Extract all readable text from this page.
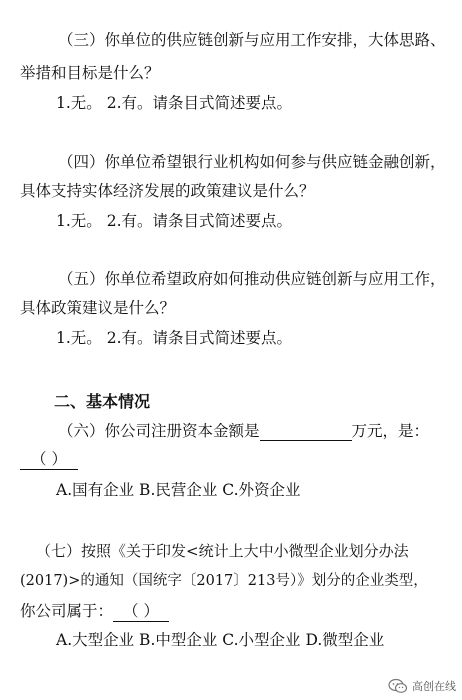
（三）你单位的供应链创新与应用工作安排，大体思路、
举措和目标是什么？
1.无。 2.有。请条目式简述要点。
（四）你单位希望银行业机构如何参与供应链金融创新，
具体支持实体经济发展的政策建议是什么？
1.无。 2.有。请条目式简述要点。
（五）你单位希望政府如何推动供应链创新与应用工作，
具体政策建议是什么？
1.无。 2.有。请条目式简述要点。
二、基本情况
（六）你公司注册资本金额是	万元，是：
（ ）
A.国有企业 B.民营企业 C.外资企业
（七）按照《关于印发<统计上大中小微型企业划分办法
(2017)>的通知（国统字〔2017〕213号）》划分的企业类型，
你公司属于： （ ）
A.大型企业 B.中型企业 C.小型企业 D.微型企业
高创在线
